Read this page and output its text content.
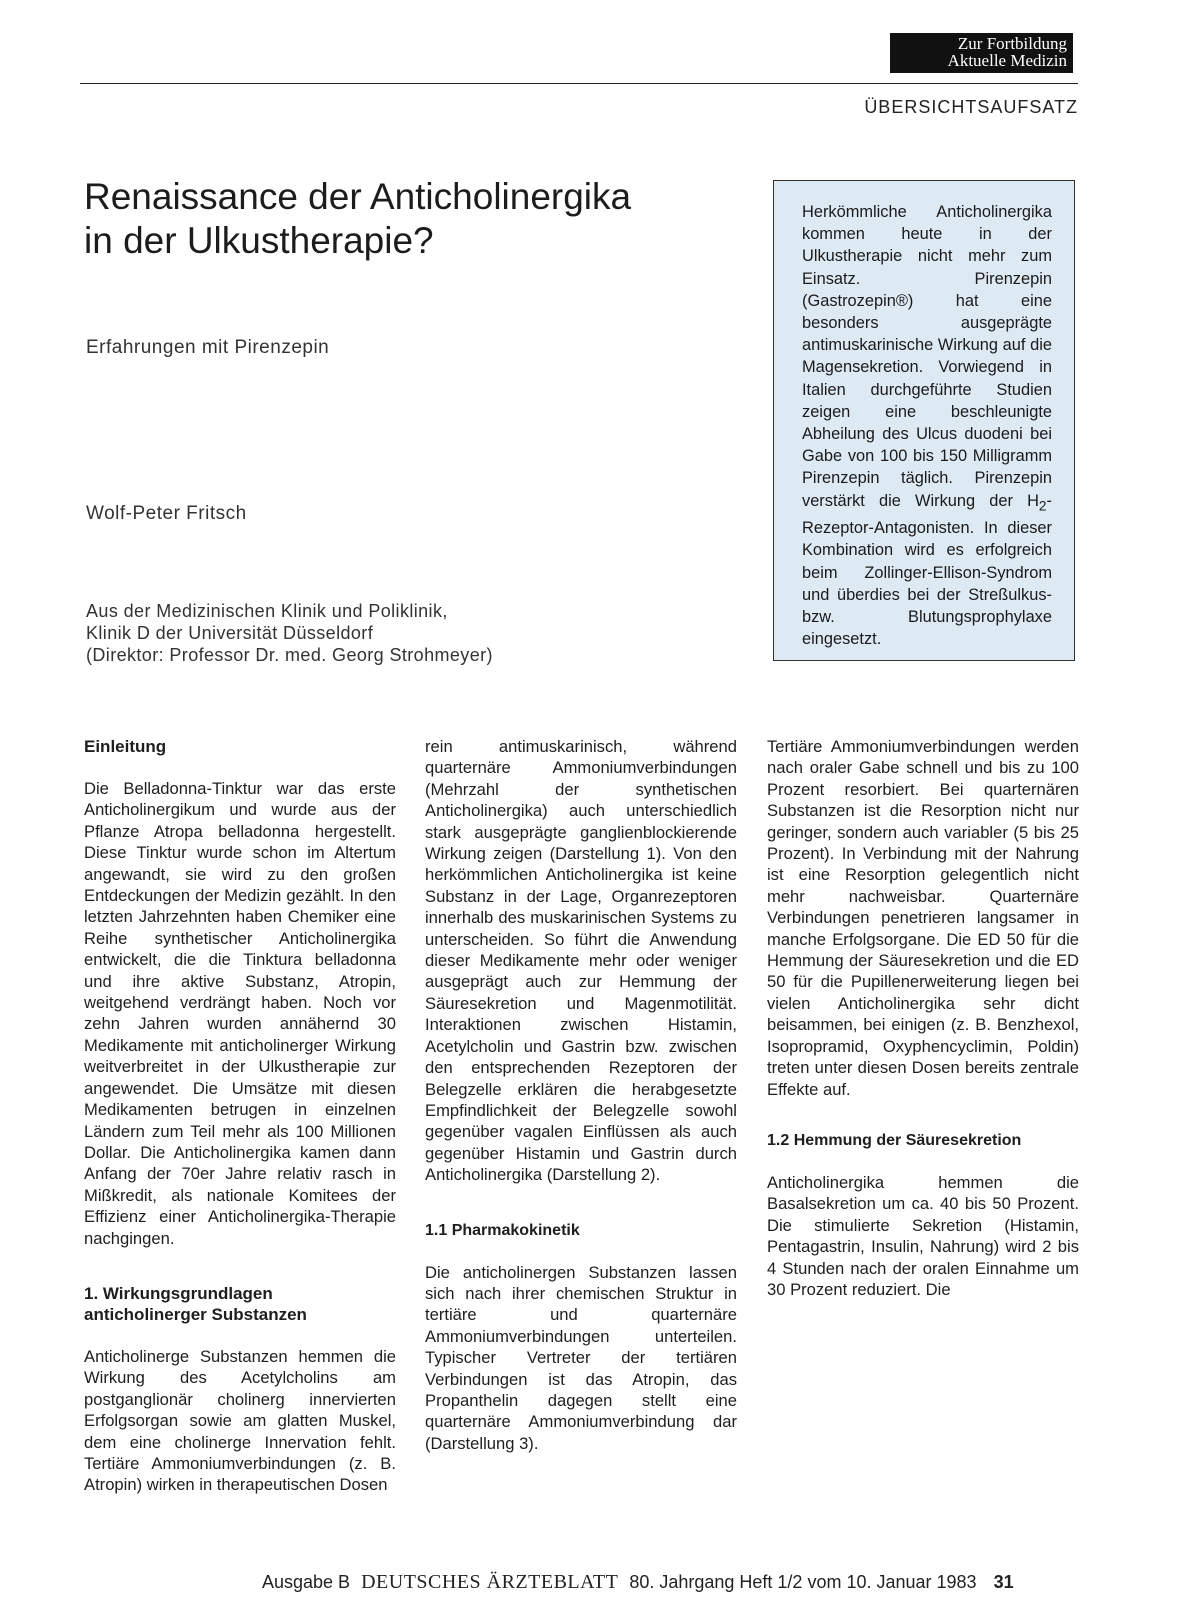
Zur Fortbildung
Aktuelle Medizin
ÜBERSICHTSAUFSATZ
Renaissance der Anticholinergika
in der Ulkustherapie?
Erfahrungen mit Pirenzepin
Wolf-Peter Fritsch
Aus der Medizinischen Klinik und Poliklinik,
Klinik D der Universität Düsseldorf
(Direktor: Professor Dr. med. Georg Strohmeyer)
Herkömmliche Anticholinergika kommen heute in der Ulkustherapie nicht mehr zum Einsatz. Pirenzepin (Gastrozepin®) hat eine besonders ausgeprägte antimuskarinische Wirkung auf die Magensekretion. Vorwiegend in Italien durchgeführte Studien zeigen eine beschleunigte Abheilung des Ulcus duodeni bei Gabe von 100 bis 150 Milligramm Pirenzepin täglich. Pirenzepin verstärkt die Wirkung der $H_2-Rezeptor$-Antagonisten. In dieser Kombination wird es erfolgreich beim Zollinger-Ellison-Syndrom und überdies bei der Streßulkus- bzw. Blutungsprophylaxe eingesetzt.
Einleitung

Die Belladonna-Tinktur war das erste Anticholinergikum und wurde aus der Pflanze Atropa belladonna hergestellt. Diese Tinktur wurde schon im Altertum angewandt, sie wird zu den großen Entdeckungen der Medizin gezählt. In den letzten Jahrzehnten haben Chemiker eine Reihe synthetischer Anticholinergika entwickelt, die die Tinktura belladonna und ihre aktive Substanz, Atropin, weitgehend verdrängt haben. Noch vor zehn Jahren wurden annähernd 30 Medikamente mit anticholinerger Wirkung weitverbreitet in der Ulkustherapie zur angewendet. Die Umsätze mit diesen Medikamenten betrugen in einzelnen Ländern zum Teil mehr als 100 Millionen Dollar. Die Anticholinergika kamen dann Anfang der 70er Jahre relativ rasch in Mißkredit, als nationale Komitees der Effizienz einer Anticholinergika-Therapie nachgingen.

1. Wirkungsgrundlagen
anticholinerger Substanzen

Anticholinerge Substanzen hemmen die Wirkung des Acetylcholins am postganglionär cholinerg innervierten Erfolgsorgan sowie am glatten Muskel, dem eine cholinerge Innervation fehlt. Tertiäre Ammoniumverbindungen (z. B. Atropin) wirken in therapeutischen Dosen

rein antimuskarinisch, während quarternäre Ammoniumverbindungen (Mehrzahl der synthetischen Anticholinergika) auch unterschiedlich stark ausgeprägte ganglienblockierende Wirkung zeigen (Darstellung 1). Von den herkömmlichen Anticholinergika ist keine Substanz in der Lage, Organrezeptoren innerhalb des muskarinischen Systems zu unterscheiden. So führt die Anwendung dieser Medikamente mehr oder weniger ausgeprägt auch zur Hemmung der Säuresekretion und Magenmotilität. Interaktionen zwischen Histamin, Acetylcholin und Gastrin bzw. zwischen den entsprechenden Rezeptoren der Belegzelle erklären die herabgesetzte Empfindlichkeit der Belegzelle sowohl gegenüber vagalen Einflüssen als auch gegenüber Histamin und Gastrin durch Anticholinergika (Darstellung 2).

1.1 Pharmakokinetik

Die anticholinergen Substanzen lassen sich nach ihrer chemischen Struktur in tertiäre und quarternäre Ammoniumverbindungen unterteilen. Typischer Vertreter der tertiären Verbindungen ist das Atropin, das Propanthelin dagegen stellt eine quarternäre Ammoniumverbindung dar (Darstellung 3).

Tertiäre Ammoniumverbindungen werden nach oraler Gabe schnell und bis zu 100 Prozent resorbiert. Bei quarternären Substanzen ist die Resorption nicht nur geringer, sondern auch variabler (5 bis 25 Prozent). In Verbindung mit der Nahrung ist eine Resorption gelegentlich nicht mehr nachweisbar. Quarternäre Verbindungen penetrieren langsamer in manche Erfolgsorgane. Die ED 50 für die Hemmung der Säuresekretion und die ED 50 für die Pupillenerweiterung liegen bei vielen Anticholinergika sehr dicht beisammen, bei einigen (z. B. Benzhexol, Isopropramid, Oxyphencyclimin, Poldin) treten unter diesen Dosen bereits zentrale Effekte auf.

1.2 Hemmung der Säuresekretion

Anticholinergika hemmen die Basalsekretion um ca. 40 bis 50 Prozent. Die stimulierte Sekretion (Histamin, Pentagastrin, Insulin, Nahrung) wird 2 bis 4 Stunden nach der oralen Einnahme um 30 Prozent reduziert. Die

Ausgabe B DEUTSCHES ÄRZTEBLATT 80. Jahrgang Heft 1/2 vom 10. Januar 1983 31
